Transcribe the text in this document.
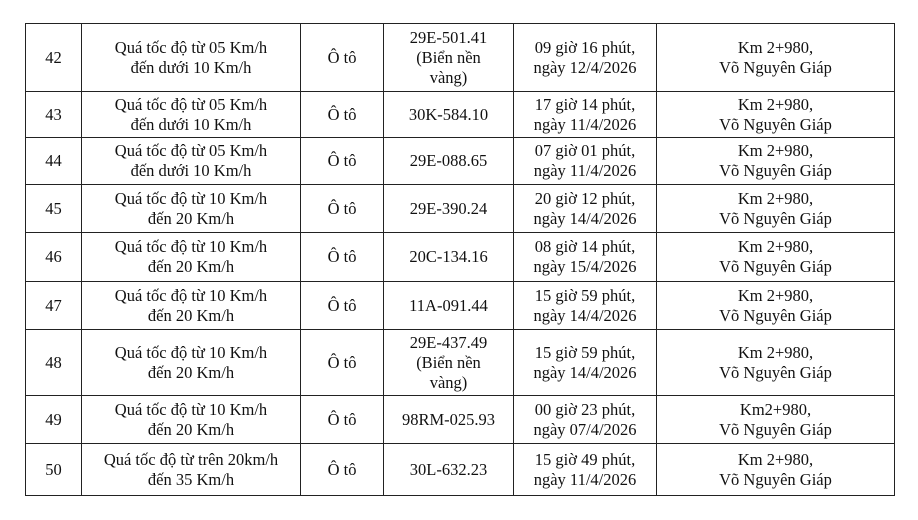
42	Quá tốc độ từ 05 Km/h
đến dưới 10 Km/h	Ô tô	29E-501.41
(Biển nền
vàng)	09 giờ 16 phút,
ngày 12/4/2026	Km 2+980,
Võ Nguyên Giáp

43	Quá tốc độ từ 05 Km/h
đến dưới 10 Km/h	Ô tô	30K-584.10	17 giờ 14 phút,
ngày 11/4/2026	Km 2+980,
Võ Nguyên Giáp

44	Quá tốc độ từ 05 Km/h
đến dưới 10 Km/h	Ô tô	29E-088.65	07 giờ 01 phút,
ngày 11/4/2026	Km 2+980,
Võ Nguyên Giáp

45	Quá tốc độ từ 10 Km/h
đến 20 Km/h	Ô tô	29E-390.24	20 giờ 12 phút,
ngày 14/4/2026	Km 2+980,
Võ Nguyên Giáp

46	Quá tốc độ từ 10 Km/h
đến 20 Km/h	Ô tô	20C-134.16	08 giờ 14 phút,
ngày 15/4/2026	Km 2+980,
Võ Nguyên Giáp

47	Quá tốc độ từ 10 Km/h
đến 20 Km/h	Ô tô	11A-091.44	15 giờ 59 phút,
ngày 14/4/2026	Km 2+980,
Võ Nguyên Giáp

48	Quá tốc độ từ 10 Km/h
đến 20 Km/h	Ô tô	29E-437.49
(Biển nền
vàng)	15 giờ 59 phút,
ngày 14/4/2026	Km 2+980,
Võ Nguyên Giáp

49	Quá tốc độ từ 10 Km/h
đến 20 Km/h	Ô tô	98RM-025.93	00 giờ 23 phút,
ngày 07/4/2026	Km2+980,
Võ Nguyên Giáp

50	Quá tốc độ từ trên 20km/h
đến 35 Km/h	Ô tô	30L-632.23	15 giờ 49 phút,
ngày 11/4/2026	Km 2+980,
Võ Nguyên Giáp
